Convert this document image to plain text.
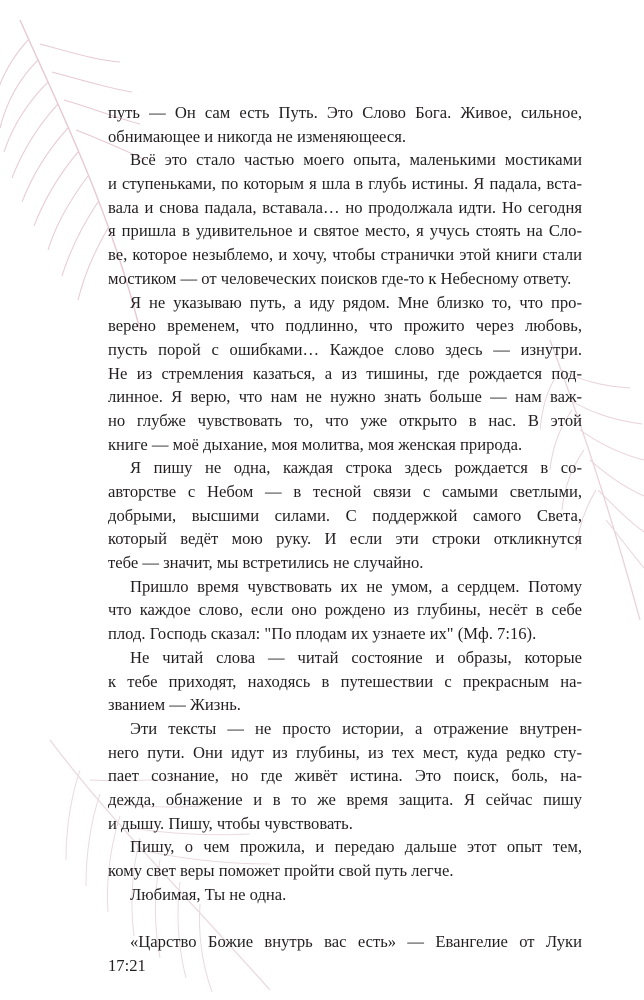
путь — Он сам есть Путь. Это Слово Бога. Живое, сильное,
обнимающее и никогда не изменяющееся.
Всё это стало частью моего опыта, маленькими мостиками
и ступеньками, по которым я шла в глубь истины. Я падала, вста-
вала и снова падала, вставала… но продолжала идти. Но сегодня
я пришла в удивительное и святое место, я учусь стоять на Сло-
ве, которое незыблемо, и хочу, чтобы странички этой книги стали
мостиком — от человеческих поисков где-то к Небесному ответу.
Я не указываю путь, а иду рядом. Мне близко то, что про-
верено временем, что подлинно, что прожито через любовь,
пусть порой с ошибками… Каждое слово здесь — изнутри.
Не из стремления казаться, а из тишины, где рождается под-
линное. Я верю, что нам не нужно знать больше — нам важ-
но глубже чувствовать то, что уже открыто в нас. В этой
книге — моё дыхание, моя молитва, моя женская природа.
Я пишу не одна, каждая строка здесь рождается в со-
авторстве с Небом — в тесной связи с самыми светлыми,
добрыми, высшими силами. С поддержкой самого Света,
который ведёт мою руку. И если эти строки откликнутся
тебе — значит, мы встретились не случайно.
Пришло время чувствовать их не умом, а сердцем. Потому
что каждое слово, если оно рождено из глубины, несёт в себе
плод. Господь сказал: "По плодам их узнаете их" (Мф. 7:16).
Не читай слова — читай состояние и образы, которые
к тебе приходят, находясь в путешествии с прекрасным на-
званием — Жизнь.
Эти тексты — не просто истории, а отражение внутрен-
него пути. Они идут из глубины, из тех мест, куда редко сту-
пает сознание, но где живёт истина. Это поиск, боль, на-
дежда, обнажение и в то же время защита. Я сейчас пишу
и дышу. Пишу, чтобы чувствовать.
Пишу, о чем прожила, и передаю дальше этот опыт тем,
кому свет веры поможет пройти свой путь легче.
Любимая, Ты не одна.
«Царство Божие внутрь вас есть» — Евангелие от Луки
17:21
